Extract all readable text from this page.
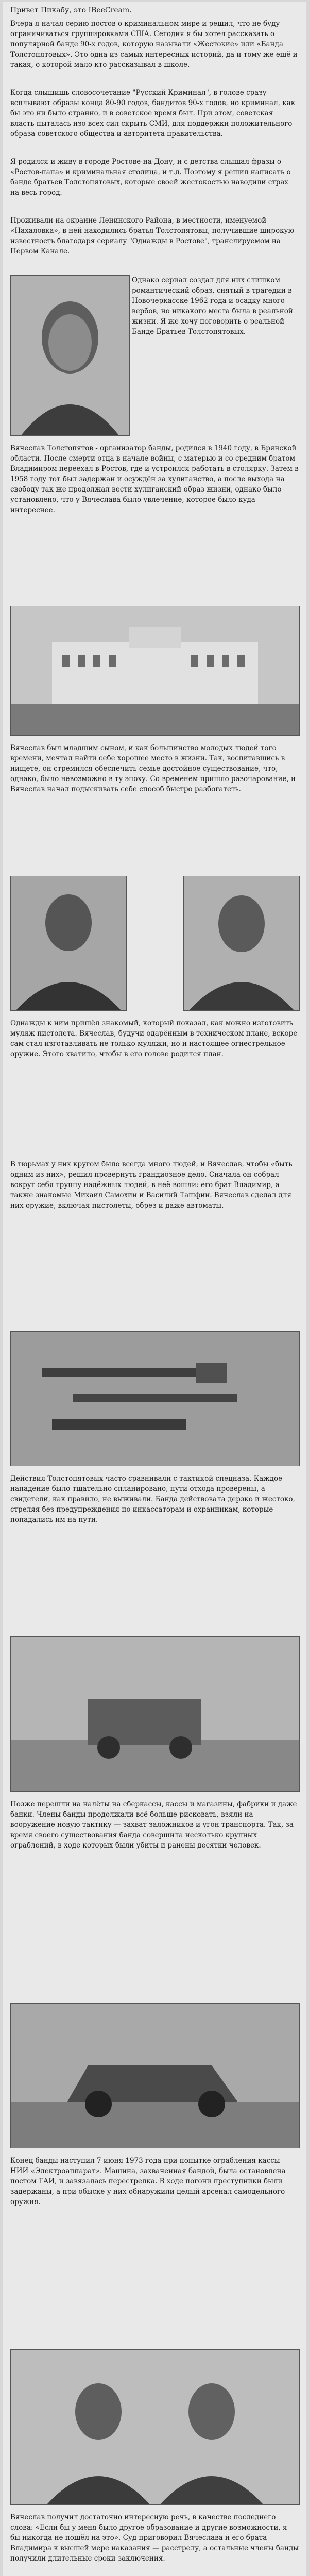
Привет Пикабу, это IBeeCream.
Вчера я начал серию постов о криминальном мире и решил, что не буду ограничиваться группировками США. Сегодня я бы хотел рассказать о популярной банде 90-х годов, которую называли «Жестокие» или «Банда Толстопятовых». Это одна из самых интересных историй, да и тому же ещё и такая, о которой мало кто рассказывал в школе.
Когда слышишь словосочетание "Русский Криминал", в голове сразу всплывают образы конца 80-90 годов, бандитов 90-х годов, но криминал, как бы это ни было странно, и в советское время был. При этом, советская власть пыталась изо всех сил скрыть СМИ, для поддержки положительного образа советского общества и авторитета правительства.
Я родился и живу в городе Ростове-на-Дону, и с детства слышал фразы о «Ростов-папа» и криминальная столица, и т.д. Поэтому я решил написать о банде братьев Толстопятовых, которые своей жестокостью наводили страх на весь город.
Проживали на окраине Ленинского Района, в местности, именуемой «Нахаловка», в ней находились братья Толстопятовы, получившие широкую известность благодаря сериалу "Однажды в Ростове", транслируемом на Первом Канале.
Однако сериал создал для них слишком романтический образ, снятый в трагедии в Новочеркасске 1962 года и осадку много вербов, но никакого места была в реальной жизни. Я же хочу поговорить о реальной Банде Братьев Толстопятовых.
Вячеслав Толстопятов - организатор банды, родился в 1940 году, в Брянской области. После смерти отца в начале войны, с матерью и со средним братом Владимиром переехал в Ростов, где и устроился работать в столярку. Затем в 1958 году тот был задержан и осуждён за хулиганство, а после выхода на свободу так же продолжал вести хулиганский образ жизни, однако было установлено, что у Вячеслава было увлечение, которое было куда интереснее.
Вячеслав был младшим сыном, и как большинство молодых людей того времени, мечтал найти себе хорошее место в жизни. Так, воспитавшись в нищете, он стремился обеспечить семье достойное существование, что, однако, было невозможно в ту эпоху. Со временем пришло разочарование, и Вячеслав начал подыскивать себе способ быстро разбогатеть.
Однажды к ним пришёл знакомый, который показал, как можно изготовить муляж пистолета. Вячеслав, будучи одарённым в техническом плане, вскоре сам стал изготавливать не только муляжи, но и настоящее огнестрельное оружие. Этого хватило, чтобы в его голове родился план.
В тюрьмах у них кругом было всегда много людей, и Вячеслав, чтобы «быть одним из них», решил провернуть грандиозное дело. Сначала он собрал вокруг себя группу надёжных людей, в неё вошли: его брат Владимир, а также знакомые Михаил Самохин и Василий Ташфин. Вячеслав сделал для них оружие, включая пистолеты, обрез и даже автоматы.
Действия Толстопятовых часто сравнивали с тактикой спецназа. Каждое нападение было тщательно спланировано, пути отхода проверены, а свидетели, как правило, не выживали. Банда действовала дерзко и жестоко, стреляя без предупреждения по инкассаторам и охранникам, которые попадались им на пути.
Позже перешли на налёты на сберкассы, кассы и магазины, фабрики и даже банки. Члены банды продолжали всё больше рисковать, взяли на вооружение новую тактику — захват заложников и угон транспорта. Так, за время своего существования банда совершила несколько крупных ограблений, в ходе которых были убиты и ранены десятки человек.
Конец банды наступил 7 июня 1973 года при попытке ограбления кассы НИИ «Электроаппарат». Машина, захваченная бандой, была остановлена постом ГАИ, и завязалась перестрелка. В ходе погони преступники были задержаны, а при обыске у них обнаружили целый арсенал самодельного оружия.
Вячеслав получил достаточно интересную речь, в качестве последнего слова: «Если бы у меня было другое образование и другие возможности, я бы никогда не пошёл на это». Суд приговорил Вячеслава и его брата Владимира к высшей мере наказания — расстрелу, а остальные члены банды получили длительные сроки заключения.
